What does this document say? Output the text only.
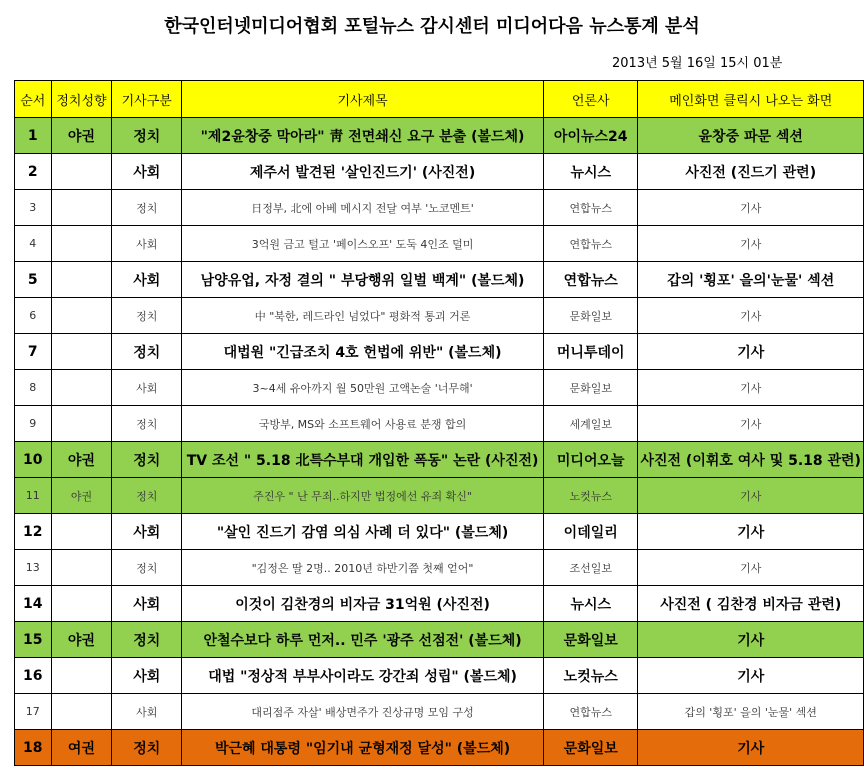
한국인터넷미디어협회 포털뉴스 감시센터 미디어다음 뉴스통계 분석
2013년 5월 16일 15시 01분
순서	정치성향	기사구분	기사제목	언론사	메인화면 클릭시 나오는 화면
1	야권	정치	"제2윤창중 막아라" 靑 전면쇄신 요구 분출 (볼드체)	아이뉴스24	윤창중 파문 섹션
2		사회	제주서 발견된 '살인진드기' (사진전)	뉴시스	사진전 (진드기 관련)
3		정치	日정부, 北에 아베 메시지 전달 여부 '노코멘트'	연합뉴스	기사
4		사회	3억원 금고 털고 '페이스오프' 도둑 4인조 덜미	연합뉴스	기사
5		사회	남양유업, 자정 결의 " 부당행위 일벌 백계" (볼드체)	연합뉴스	갑의 '횡포' 을의'눈물' 섹션
6		정치	中 "북한, 레드라인 넘었다" 평화적 통괴 거론	문화일보	기사
7		정치	대법원 "긴급조치 4호 헌법에 위반" (볼드체)	머니투데이	기사
8		사회	3~4세 유아까지 월 50만원 고액논술 '너무해'	문화일보	기사
9		정치	국방부, MS와 소프트웨어 사용료 분쟁 합의	세계일보	기사
10	야권	정치	TV 조선 " 5.18 北특수부대 개입한 폭동" 논란 (사진전)	미디어오늘	사진전 (이휘호 여사 및 5.18 관련)
11	야권	정치	주진우 " 난 무죄..하지만 법정에선 유죄 확신"	노컷뉴스	기사
12		사회	"살인 진드기 감염 의심 사례 더 있다" (볼드체)	이데일리	기사
13		정치	"김정은 딸 2명.. 2010년 하반기쯤 첫째 얻어"	조선일보	기사
14		사회	이것이 김찬경의 비자금 31억원 (사진전)	뉴시스	사진전 ( 김찬경 비자금 관련)
15	야권	정치	안철수보다 하루 먼저.. 민주 '광주 선점전' (볼드체)	문화일보	기사
16		사회	대법 "정상적 부부사이라도 강간죄 성립" (볼드체)	노컷뉴스	기사
17		사회	대리점주 자살' 배상면주가 진상규명 모임 구성	연합뉴스	갑의 '횡포' 을의 '눈물' 섹션
18	여권	정치	박근혜 대통령 "임기내 균형재정 달성" (볼드체)	문화일보	기사
